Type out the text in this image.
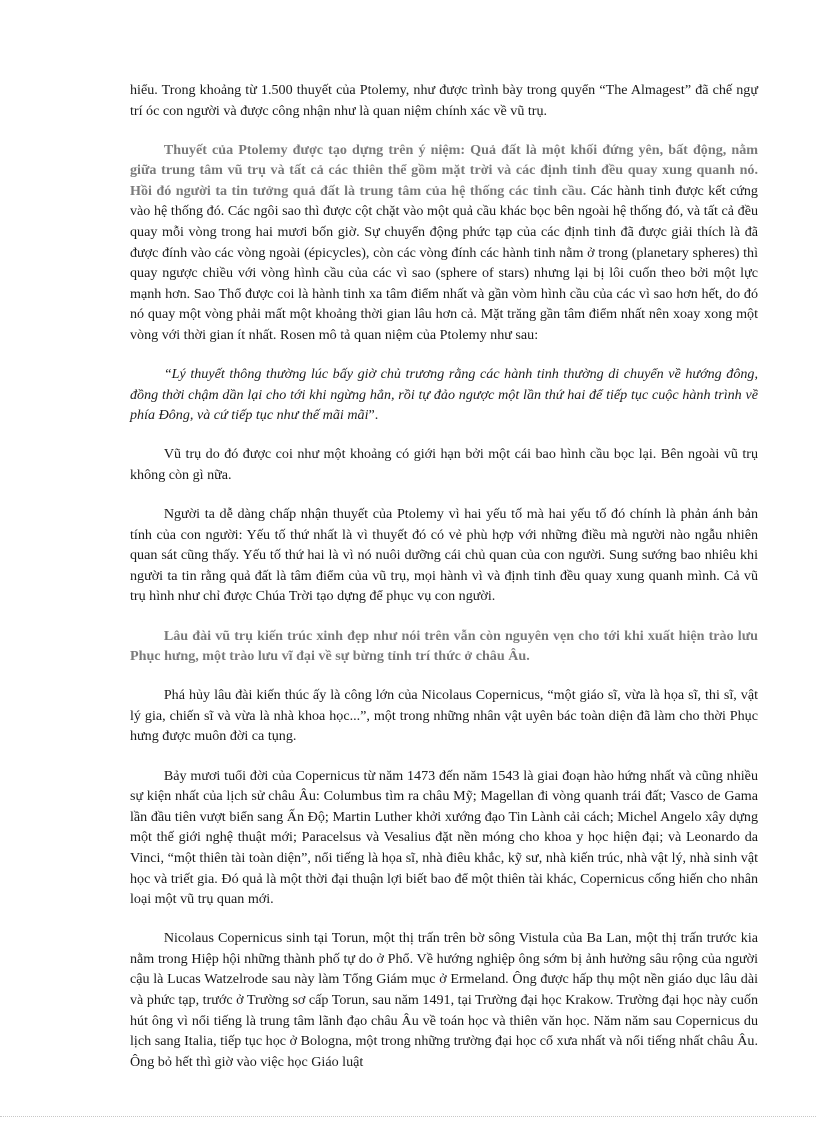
hiểu. Trong khoảng từ 1.500 thuyết của Ptolemy, như được trình bày trong quyển “The Almagest” đã chế ngự trí óc con người và được công nhận như là quan niệm chính xác về vũ trụ.

Thuyết của Ptolemy được tạo dựng trên ý niệm: Quả đất là một khối đứng yên, bất động, nằm giữa trung tâm vũ trụ và tất cả các thiên thể gồm mặt trời và các định tinh đều quay xung quanh nó. Hồi đó người ta tin tưởng quả đất là trung tâm của hệ thống các tinh cầu. Các hành tinh được kết cứng vào hệ thống đó. Các ngôi sao thì được cột chặt vào một quả cầu khác bọc bên ngoài hệ thống đó, và tất cả đều quay mỗi vòng trong hai mươi bốn giờ. Sự chuyển động phức tạp của các định tinh đã được giải thích là đã được đính vào các vòng ngoài (épicycles), còn các vòng đính các hành tinh nằm ở trong (planetary spheres) thì quay ngược chiều với vòng hình cầu của các vì sao (sphere of stars) nhưng lại bị lôi cuốn theo bởi một lực mạnh hơn. Sao Thổ được coi là hành tinh xa tâm điểm nhất và gần vòm hình cầu của các vì sao hơn hết, do đó nó quay một vòng phải mất một khoảng thời gian lâu hơn cả. Mặt trăng gần tâm điểm nhất nên xoay xong một vòng với thời gian ít nhất. Rosen mô tả quan niệm của Ptolemy như sau:

“Lý thuyết thông thường lúc bấy giờ chủ trương rằng các hành tinh thường di chuyển về hướng đông, đồng thời chậm dần lại cho tới khi ngừng hẳn, rồi tự đảo ngược một lần thứ hai để tiếp tục cuộc hành trình về phía Đông, và cứ tiếp tục như thế mãi mãi”.

Vũ trụ do đó được coi như một khoảng có giới hạn bởi một cái bao hình cầu bọc lại. Bên ngoài vũ trụ không còn gì nữa.

Người ta dễ dàng chấp nhận thuyết của Ptolemy vì hai yếu tố mà hai yếu tố đó chính là phản ánh bản tính của con người: Yếu tố thứ nhất là vì thuyết đó có vẻ phù hợp với những điều mà người nào ngẫu nhiên quan sát cũng thấy. Yếu tố thứ hai là vì nó nuôi dưỡng cái chủ quan của con người. Sung sướng bao nhiêu khi người ta tin rằng quả đất là tâm điểm của vũ trụ, mọi hành vì và định tinh đều quay xung quanh mình. Cả vũ trụ hình như chỉ được Chúa Trời tạo dựng để phục vụ con người.

Lâu đài vũ trụ kiến trúc xinh đẹp như nói trên vẫn còn nguyên vẹn cho tới khi xuất hiện trào lưu Phục hưng, một trào lưu vĩ đại về sự bừng tỉnh trí thức ở châu Âu.

Phá hủy lâu đài kiến thúc ấy là công lớn của Nicolaus Copernicus, “một giáo sĩ, vừa là họa sĩ, thi sĩ, vật lý gia, chiến sĩ và vừa là nhà khoa học...”, một trong những nhân vật uyên bác toàn diện đã làm cho thời Phục hưng được muôn đời ca tụng.

Bảy mươi tuổi đời của Copernicus từ năm 1473 đến năm 1543 là giai đoạn hào hứng nhất và cũng nhiều sự kiện nhất của lịch sử châu Âu: Columbus tìm ra châu Mỹ; Magellan đi vòng quanh trái đất; Vasco de Gama lần đầu tiên vượt biển sang Ấn Độ; Martin Luther khởi xướng đạo Tin Lành cải cách; Michel Angelo xây dựng một thế giới nghệ thuật mới; Paracelsus và Vesalius đặt nền móng cho khoa y học hiện đại; và Leonardo da Vinci, “một thiên tài toàn diện”, nổi tiếng là họa sĩ, nhà điêu khắc, kỹ sư, nhà kiến trúc, nhà vật lý, nhà sinh vật học và triết gia. Đó quả là một thời đại thuận lợi biết bao để một thiên tài khác, Copernicus cống hiến cho nhân loại một vũ trụ quan mới.

Nicolaus Copernicus sinh tại Torun, một thị trấn trên bờ sông Vistula của Ba Lan, một thị trấn trước kia nằm trong Hiệp hội những thành phố tự do ở Phổ. Về hướng nghiệp ông sớm bị ảnh hưởng sâu rộng của người cậu là Lucas Watzelrode sau này làm Tổng Giám mục ở Ermeland. Ông được hấp thụ một nền giáo dục lâu dài và phức tạp, trước ở Trường sơ cấp Torun, sau năm 1491, tại Trường đại học Krakow. Trường đại học này cuốn hút ông vì nổi tiếng là trung tâm lãnh đạo châu Âu về toán học và thiên văn học. Năm năm sau Copernicus du lịch sang Italia, tiếp tục học ở Bologna, một trong những trường đại học cổ xưa nhất và nổi tiếng nhất châu Âu. Ông bỏ hết thì giờ vào việc học Giáo luật
